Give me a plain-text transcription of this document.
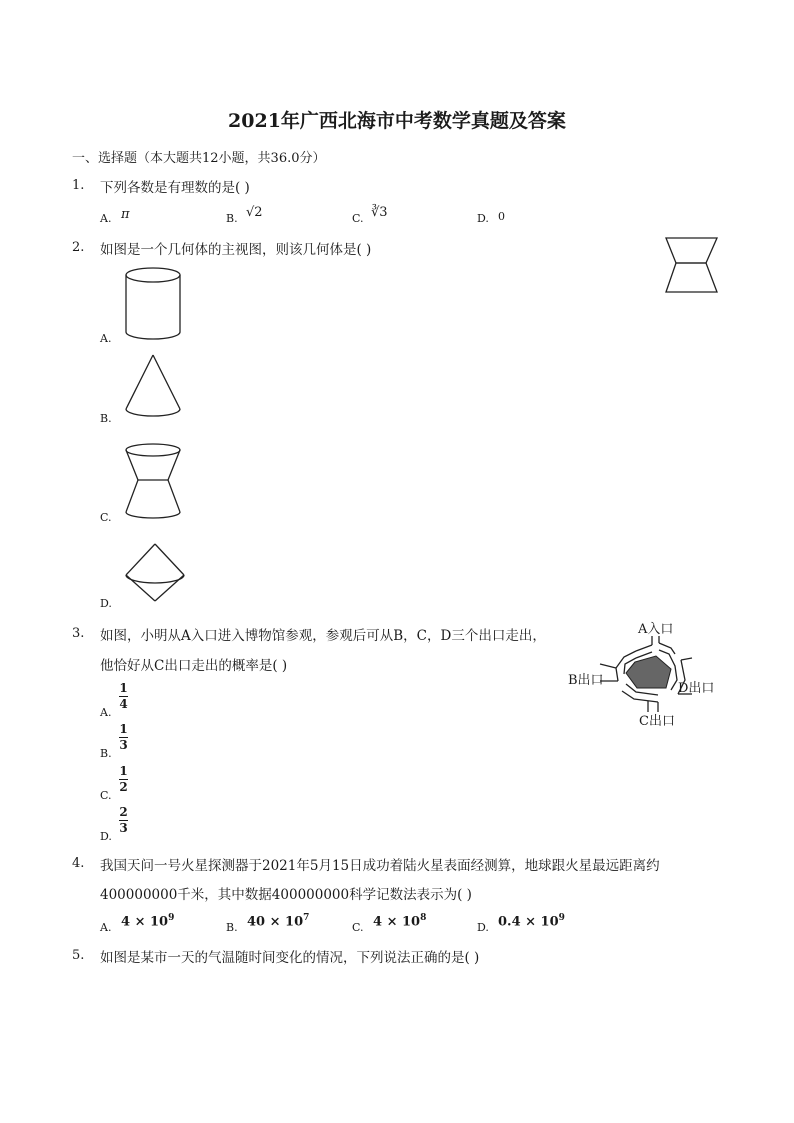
2021年广西北海市中考数学真题及答案
一、选择题（本大题共12小题，共36.0分）
1. 下列各数是有理数的是( )
A. π	B. √2	C. ∛3	D. 0
2. 如图是一个几何体的主视图，则该几何体是( )
A.
B.
C.
D.
3. 如图，小明从A入口进入博物馆参观，参观后可从B，C，D三个出口走出，
他恰好从C出口走出的概率是( )
A.
1
4
B.
1
3
C.
1
2
D.
2
3
A入口
B出口
D出口
C出口
4. 我国天问一号火星探测器于2021年5月15日成功着陆火星表面经测算，地球跟火星最远距离约
400000000千米，其中数据400000000科学记数法表示为( )
A. $4 \times 10^9$
B. $40 \times 10^7$
C. $4 \times 10^8$
D. $0.4 \times 10^9$
5. 如图是某市一天的气温随时间变化的情况，下列说法正确的是( )
